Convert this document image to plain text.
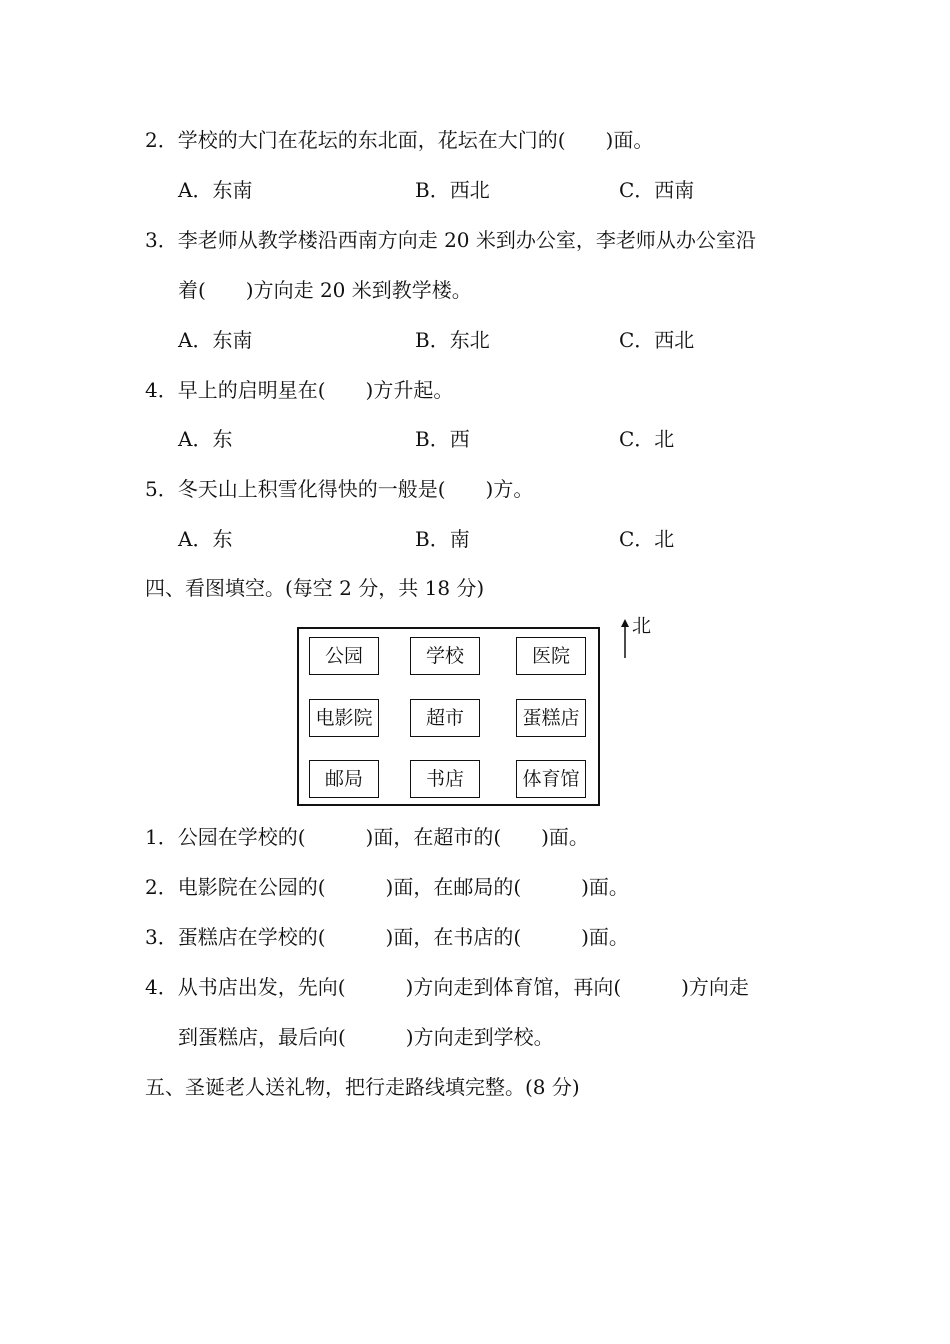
2．学校的大门在花坛的东北面，花坛在大门的(　　)面。
A．东南	B．西北	C．西南
3．李老师从教学楼沿西南方向走 20 米到办公室，李老师从办公室沿
着(　　)方向走 20 米到教学楼。
A．东南	B．东北	C．西北
4．早上的启明星在(　　)方升起。
A．东	B．西	C．北
5．冬天山上积雪化得快的一般是(　　)方。
A．东	B．南	C．北
四、看图填空。(每空 2 分，共 18 分)
公园	学校	医院
电影院	超市	蛋糕店
邮局	书店	体育馆
北
1．公园在学校的(　　　)面，在超市的(　　)面。
2．电影院在公园的(　　　)面，在邮局的(　　　)面。
3．蛋糕店在学校的(　　　)面，在书店的(　　　)面。
4．从书店出发，先向(　　　)方向走到体育馆，再向(　　　)方向走
到蛋糕店，最后向(　　　)方向走到学校。
五、圣诞老人送礼物，把行走路线填完整。(8 分)
